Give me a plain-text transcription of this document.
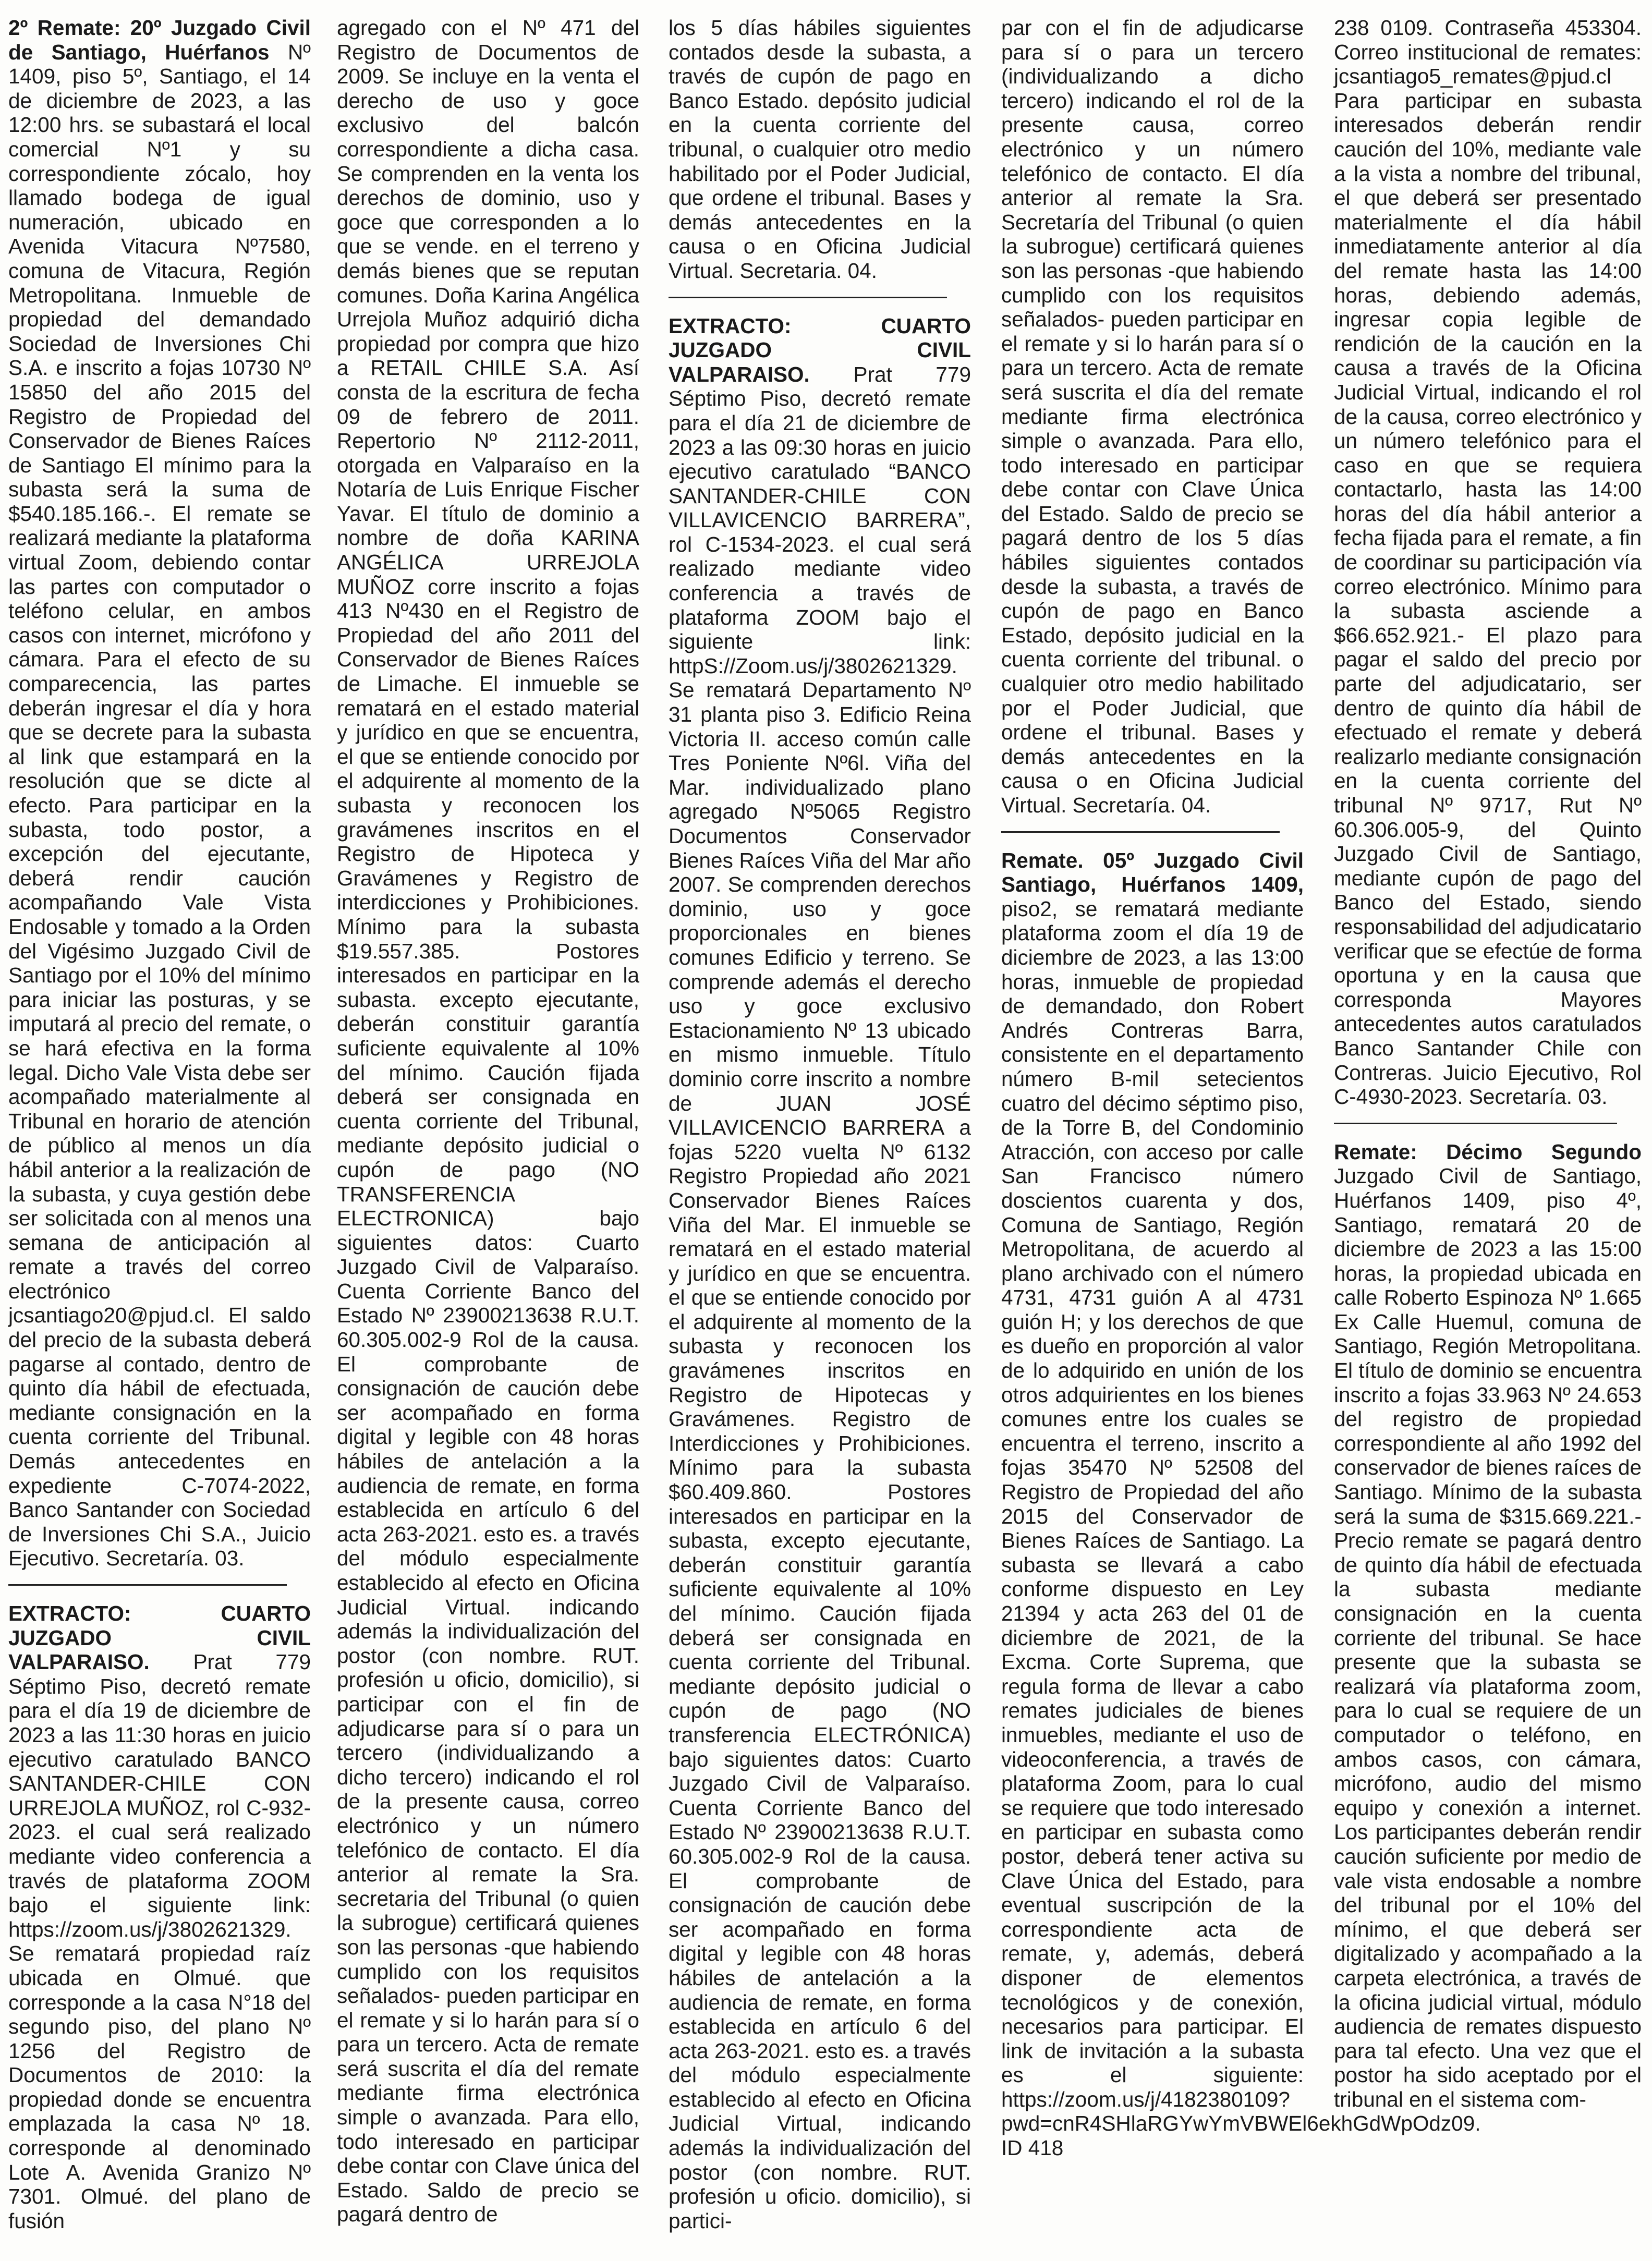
2º Remate: 20º Juzgado Civil de Santiago, Huérfanos Nº 1409, piso 5º, Santiago, el 14 de diciembre de 2023, a las 12:00 hrs. se subastará el local comercial Nº1 y su correspondiente zócalo, hoy llamado bodega de igual numeración, ubicado en Avenida Vitacura Nº7580, comuna de Vitacura, Región Metropolitana. Inmueble de propiedad del demandado Sociedad de Inversiones Chi S.A. e inscrito a fojas 10730 Nº 15850 del año 2015 del Registro de Propiedad del Conservador de Bienes Raíces de Santiago El mínimo para la subasta será la suma de $540.185.166.-. El remate se realizará mediante la plataforma virtual Zoom, debiendo contar las partes con computador o teléfono celular, en ambos casos con internet, micrófono y cámara. Para el efecto de su comparecencia, las partes deberán ingresar el día y hora que se decrete para la subasta al link que estampará en la resolución que se dicte al efecto. Para participar en la subasta, todo postor, a excepción del ejecutante, deberá rendir caución acompañando Vale Vista Endosable y tomado a la Orden del Vigésimo Juzgado Civil de Santiago por el 10% del mínimo para iniciar las posturas, y se imputará al precio del remate, o se hará efectiva en la forma legal. Dicho Vale Vista debe ser acompañado materialmente al Tribunal en horario de atención de público al menos un día hábil anterior a la realización de la subasta, y cuya gestión debe ser solicitada con al menos una semana de anticipación al remate a través del correo electrónico jcsantiago20@pjud.cl. El saldo del precio de la subasta deberá pagarse al contado, dentro de quinto día hábil de efectuada, mediante consignación en la cuenta corriente del Tribunal. Demás antecedentes en expediente C-7074-2022, Banco Santander con Sociedad de Inversiones Chi S.A., Juicio Ejecutivo. Secretaría. 03.

EXTRACTO: CUARTO JUZGADO CIVIL VALPARAISO. Prat 779 Séptimo Piso, decretó remate para el día 19 de diciembre de 2023 a las 11:30 horas en juicio ejecutivo caratulado BANCO SANTANDER-CHILE CON URREJOLA MUÑOZ, rol C-932-2023. el cual será realizado mediante video conferencia a través de plataforma ZOOM bajo el siguiente link: https://zoom.us/j/3802621329. Se rematará propiedad raíz ubicada en Olmué. que corresponde a la casa N°18 del segundo piso, del plano Nº 1256 del Registro de Documentos de 2010: la propiedad donde se encuentra emplazada la casa Nº 18. corresponde al denominado Lote A. Avenida Granizo Nº 7301. Olmué. del plano de fusión

agregado con el Nº 471 del Registro de Documentos de 2009. Se incluye en la venta el derecho de uso y goce exclusivo del balcón correspondiente a dicha casa. Se comprenden en la venta los derechos de dominio, uso y goce que corresponden a lo que se vende. en el terreno y demás bienes que se reputan comunes. Doña Karina Angélica Urrejola Muñoz adquirió dicha propiedad por compra que hizo a RETAIL CHILE S.A. Así consta de la escritura de fecha 09 de febrero de 2011. Repertorio Nº 2112-2011, otorgada en Valparaíso en la Notaría de Luis Enrique Fischer Yavar. El título de dominio a nombre de doña KARINA ANGÉLICA URREJOLA MUÑOZ corre inscrito a fojas 413 Nº430 en el Registro de Propiedad del año 2011 del Conservador de Bienes Raíces de Limache. El inmueble se rematará en el estado material y jurídico en que se encuentra, el que se entiende conocido por el adquirente al momento de la subasta y reconocen los gravámenes inscritos en el Registro de Hipoteca y Gravámenes y Registro de interdicciones y Prohibiciones. Mínimo para la subasta $19.557.385. Postores interesados en participar en la subasta. excepto ejecutante, deberán constituir garantía suficiente equivalente al 10% del mínimo. Caución fijada deberá ser consignada en cuenta corriente del Tribunal, mediante depósito judicial o cupón de pago (NO TRANSFERENCIA ELECTRONICA) bajo siguientes datos: Cuarto Juzgado Civil de Valparaíso. Cuenta Corriente Banco del Estado Nº 23900213638 R.U.T. 60.305.002-9 Rol de la causa. El comprobante de consignación de caución debe ser acompañado en forma digital y legible con 48 horas hábiles de antelación a la audiencia de remate, en forma establecida en artículo 6 del acta 263-2021. esto es. a través del módulo especialmente establecido al efecto en Oficina Judicial Virtual. indicando además la individualización del postor (con nombre. RUT. profesión u oficio, domicilio), si participar con el fin de adjudicarse para sí o para un tercero (individualizando a dicho tercero) indicando el rol de la presente causa, correo electrónico y un número telefónico de contacto. El día anterior al remate la Sra. secretaria del Tribunal (o quien la subrogue) certificará quienes son las personas -que habiendo cumplido con los requisitos señalados- pueden participar en el remate y si lo harán para sí o para un tercero. Acta de remate será suscrita el día del remate mediante firma electrónica simple o avanzada. Para ello, todo interesado en participar debe contar con Clave única del Estado. Saldo de precio se pagará dentro de

los 5 días hábiles siguientes contados desde la subasta, a través de cupón de pago en Banco Estado. depósito judicial en la cuenta corriente del tribunal, o cualquier otro medio habilitado por el Poder Judicial, que ordene el tribunal. Bases y demás antecedentes en la causa o en Oficina Judicial Virtual. Secretaria. 04.

EXTRACTO: CUARTO JUZGADO CIVIL VALPARAISO. Prat 779 Séptimo Piso, decretó remate para el día 21 de diciembre de 2023 a las 09:30 horas en juicio ejecutivo caratulado “BANCO SANTANDER-CHILE CON VILLAVICENCIO BARRERA”, rol C-1534-2023. el cual será realizado mediante video conferencia a través de plataforma ZOOM bajo el siguiente link: httpS://Zoom.us/j/3802621329. Se rematará Departamento Nº 31 planta piso 3. Edificio Reina Victoria II. acceso común calle Tres Poniente Nº6l. Viña del Mar. individualizado plano agregado Nº5065 Registro Documentos Conservador Bienes Raíces Viña del Mar año 2007. Se comprenden derechos dominio, uso y goce proporcionales en bienes comunes Edificio y terreno. Se comprende además el derecho uso y goce exclusivo Estacionamiento Nº 13 ubicado en mismo inmueble. Título dominio corre inscrito a nombre de JUAN JOSÉ VILLAVICENCIO BARRERA a fojas 5220 vuelta Nº 6132 Registro Propiedad año 2021 Conservador Bienes Raíces Viña del Mar. El inmueble se rematará en el estado material y jurídico en que se encuentra. el que se entiende conocido por el adquirente al momento de la subasta y reconocen los gravámenes inscritos en Registro de Hipotecas y Gravámenes. Registro de Interdicciones y Prohibiciones. Mínimo para la subasta $60.409.860. Postores interesados en participar en la subasta, excepto ejecutante, deberán constituir garantía suficiente equivalente al 10% del mínimo. Caución fijada deberá ser consignada en cuenta corriente del Tribunal. mediante depósito judicial o cupón de pago (NO transferencia ELECTRÓNICA) bajo siguientes datos: Cuarto Juzgado Civil de Valparaíso. Cuenta Corriente Banco del Estado Nº 23900213638 R.U.T. 60.305.002-9 Rol de la causa. El comprobante de consignación de caución debe ser acompañado en forma digital y legible con 48 horas hábiles de antelación a la audiencia de remate, en forma establecida en artículo 6 del acta 263-2021. esto es. a través del módulo especialmente establecido al efecto en Oficina Judicial Virtual, indicando además la individualización del postor (con nombre. RUT. profesión u oficio. domicilio), si partici-

par con el fin de adjudicarse para sí o para un tercero (individualizando a dicho tercero) indicando el rol de la presente causa, correo electrónico y un número telefónico de contacto. El día anterior al remate la Sra. Secretaría del Tribunal (o quien la subrogue) certificará quienes son las personas -que habiendo cumplido con los requisitos señalados- pueden participar en el remate y si lo harán para sí o para un tercero. Acta de remate será suscrita el día del remate mediante firma electrónica simple o avanzada. Para ello, todo interesado en participar debe contar con Clave Única del Estado. Saldo de precio se pagará dentro de los 5 días hábiles siguientes contados desde la subasta, a través de cupón de pago en Banco Estado, depósito judicial en la cuenta corriente del tribunal. o cualquier otro medio habilitado por el Poder Judicial, que ordene el tribunal. Bases y demás antecedentes en la causa o en Oficina Judicial Virtual. Secretaría. 04.

Remate. 05º Juzgado Civil Santiago, Huérfanos 1409, piso2, se rematará mediante plataforma zoom el día 19 de diciembre de 2023, a las 13:00 horas, inmueble de propiedad de demandado, don Robert Andrés Contreras Barra, consistente en el departamento número B-mil setecientos cuatro del décimo séptimo piso, de la Torre B, del Condominio Atracción, con acceso por calle San Francisco número doscientos cuarenta y dos, Comuna de Santiago, Región Metropolitana, de acuerdo al plano archivado con el número 4731, 4731 guión A al 4731 guión H; y los derechos de que es dueño en proporción al valor de lo adquirido en unión de los otros adquirientes en los bienes comunes entre los cuales se encuentra el terreno, inscrito a fojas 35470 Nº 52508 del Registro de Propiedad del año 2015 del Conservador de Bienes Raíces de Santiago. La subasta se llevará a cabo conforme dispuesto en Ley 21394 y acta 263 del 01 de diciembre de 2021, de la Excma. Corte Suprema, que regula forma de llevar a cabo remates judiciales de bienes inmuebles, mediante el uso de videoconferencia, a través de plataforma Zoom, para lo cual se requiere que todo interesado en participar en subasta como postor, deberá tener activa su Clave Única del Estado, para eventual suscripción de la correspondiente acta de remate, y, además, deberá disponer de elementos tecnológicos y de conexión, necesarios para participar. El link de invitación a la subasta es el siguiente: https://zoom.us/j/4182380109?pwd=cnR4SHlaRGYwYmVBWEl6ekhGdWpOdz09. ID 418

238 0109. Contraseña 453304. Correo institucional de remates: jcsantiago5_remates@pjud.cl Para participar en subasta interesados deberán rendir caución del 10%, mediante vale a la vista a nombre del tribunal, el que deberá ser presentado materialmente el día hábil inmediatamente anterior al día del remate hasta las 14:00 horas, debiendo además, ingresar copia legible de rendición de la caución en la causa a través de la Oficina Judicial Virtual, indicando el rol de la causa, correo electrónico y un número telefónico para el caso en que se requiera contactarlo, hasta las 14:00 horas del día hábil anterior a fecha fijada para el remate, a fin de coordinar su participación vía correo electrónico. Mínimo para la subasta asciende a $66.652.921.- El plazo para pagar el saldo del precio por parte del adjudicatario, ser dentro de quinto día hábil de efectuado el remate y deberá realizarlo mediante consignación en la cuenta corriente del tribunal Nº 9717, Rut Nº 60.306.005-9, del Quinto Juzgado Civil de Santiago, mediante cupón de pago del Banco del Estado, siendo responsabilidad del adjudicatario verificar que se efectúe de forma oportuna y en la causa que corresponda Mayores antecedentes autos caratulados Banco Santander Chile con Contreras. Juicio Ejecutivo, Rol C-4930-2023. Secretaría. 03.

Remate: Décimo Segundo Juzgado Civil de Santiago, Huérfanos 1409, piso 4º, Santiago, rematará 20 de diciembre de 2023 a las 15:00 horas, la propiedad ubicada en calle Roberto Espinoza Nº 1.665 Ex Calle Huemul, comuna de Santiago, Región Metropolitana. El título de dominio se encuentra inscrito a fojas 33.963 Nº 24.653 del registro de propiedad correspondiente al año 1992 del conservador de bienes raíces de Santiago. Mínimo de la subasta será la suma de $315.669.221.- Precio remate se pagará dentro de quinto día hábil de efectuada la subasta mediante consignación en la cuenta corriente del tribunal. Se hace presente que la subasta se realizará vía plataforma zoom, para lo cual se requiere de un computador o teléfono, en ambos casos, con cámara, micrófono, audio del mismo equipo y conexión a internet. Los participantes deberán rendir caución suficiente por medio de vale vista endosable a nombre del tribunal por el 10% del mínimo, el que deberá ser digitalizado y acompañado a la carpeta electrónica, a través de la oficina judicial virtual, módulo audiencia de remates dispuesto para tal efecto. Una vez que el postor ha sido aceptado por el tribunal en el sistema com-
